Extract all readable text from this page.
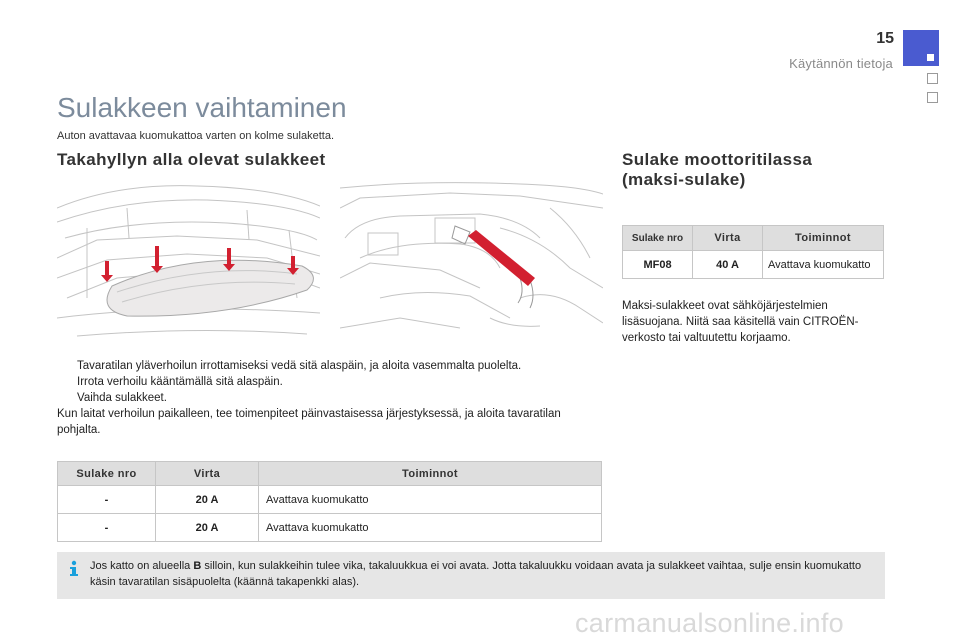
15
Käytännön tietoja
Sulakkeen vaihtaminen
Auton avattavaa kuomukattoa varten on kolme sulaketta.
Takahyllyn alla olevat sulakkeet	Sulake moottoritilassa
(maksi-sulake)
Tavaratilan yläverhoilun irrottamiseksi vedä sitä alaspäin, ja aloita vasemmalta puolelta.
Irrota verhoilu kääntämällä sitä alaspäin.
Vaihda sulakkeet.
Kun laitat verhoilun paikalleen, tee toimenpiteet päinvastaisessa järjestyksessä, ja aloita tavaratilan pohjalta.
Sulake nro	Virta	Toiminnot
-	20 A	Avattava kuomukatto
-	20 A	Avattava kuomukatto
Sulake nro	Virta	Toiminnot
MF08	40 A	Avattava kuomukatto
Maksi-sulakkeet ovat sähköjärjestelmien lisäsuojana. Niitä saa käsitellä vain CITROËN-verkosto tai valtuutettu korjaamo.
Jos katto on alueella B silloin, kun sulakkeihin tulee vika, takaluukkua ei voi avata. Jotta takaluukku voidaan avata ja sulakkeet vaihtaa, sulje ensin kuomukatto käsin tavaratilan sisäpuolelta (käännä takapenkki alas).
carmanualsonline.info
